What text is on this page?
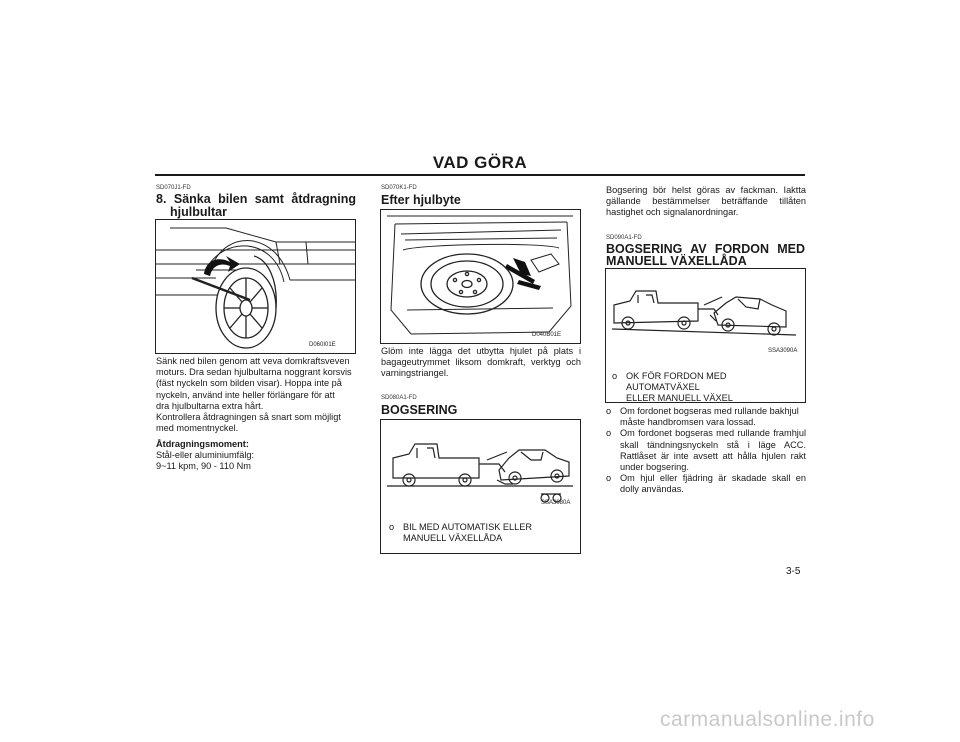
VAD GÖRA
SD070J1-FD
8. Sänka bilen samt åtdragning
hjulbultar
D060I01E
Sänk ned bilen genom att veva domkraftsveven
moturs. Dra sedan hjulbultarna noggrant korsvis
(fäst nyckeln som bilden visar). Hoppa inte på
nyckeln, använd inte heller förlängare för att
dra hjulbultarna extra hårt.
Kontrollera åtdragningen så snart som möjligt
med momentnyckel.
Åtdragningsmoment:
Stål-eller aluminiumfälg:
9~11 kpm, 90 - 110 Nm
SD070K1-FD
Efter hjulbyte
D040B01E
Glöm inte lägga det utbytta hjulet på plats i
bagageutrymmet liksom domkraft, verktyg och
varningstriangel.
SD080A1-FD
BOGSERING
SSA3080A
o BIL MED AUTOMATISK ELLER
MANUELL VÄXELLÅDA
Bogsering bör helst göras av fackman. Iaktta
gällande bestämmelser beträffande tillåten
hastighet och signalanordningar.
SD090A1-FD
BOGSERING AV FORDON MED
MANUELL VÄXELLÅDA
SSA3090A
o OK FÖR FORDON MED AUTOMATVÄXEL
ELLER MANUELL VÄXEL
o Om fordonet bogseras med rullande bakhjul
måste handbromsen vara lossad.
o Om fordonet bogseras med rullande framhjul
skall tändningsnyckeln stå i läge ACC.
Rattlåset är inte avsett att hålla hjulen rakt
under bogsering.
o Om hjul eller fjädring är skadade skall en
dolly användas.
3-5
carmanualsonline.info
